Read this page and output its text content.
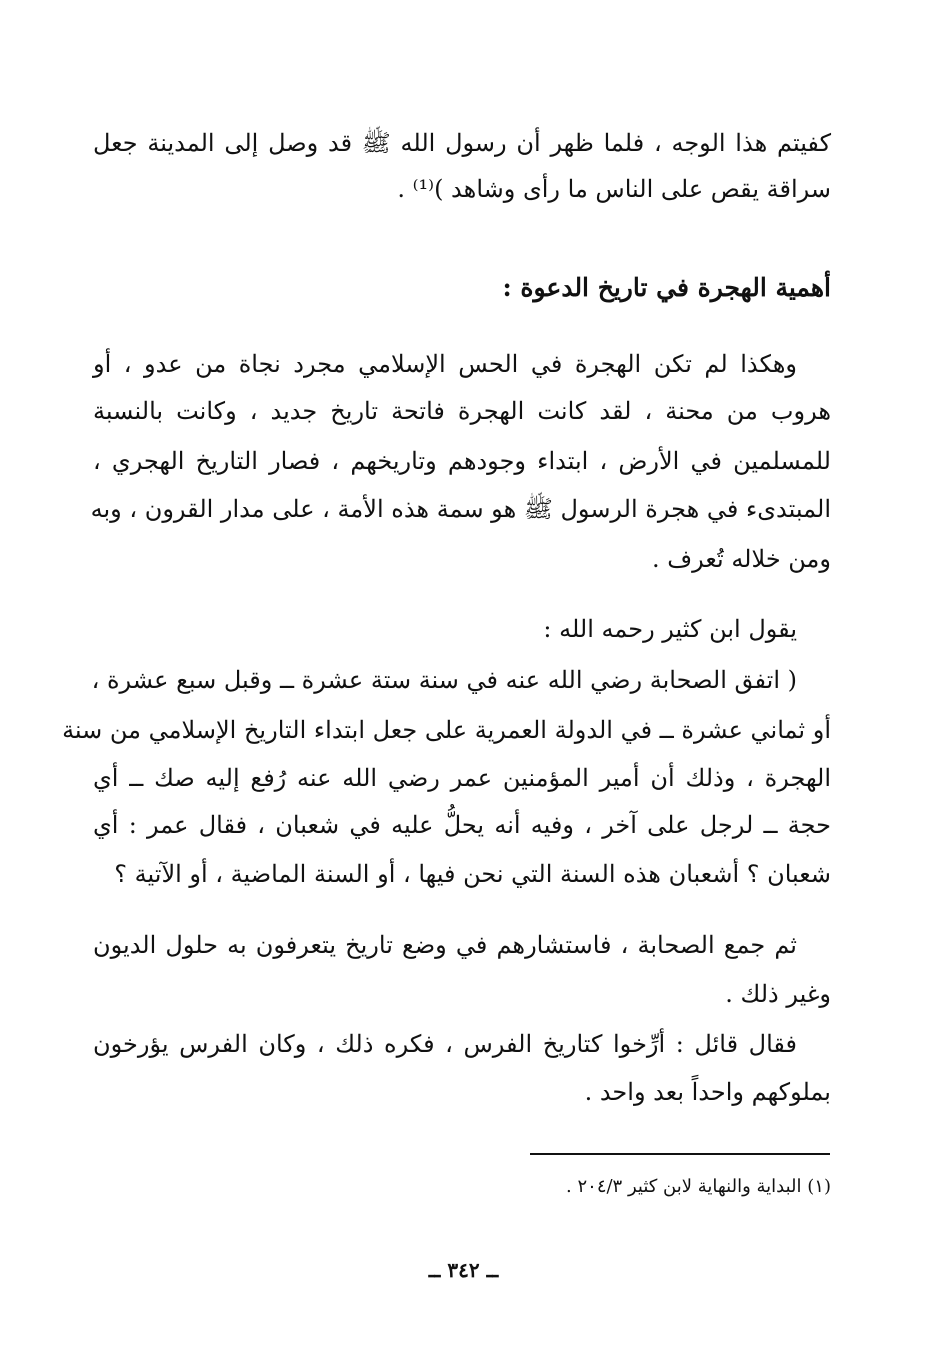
كفيتم هذا الوجه ، فلما ظهر أن رسول الله ﷺ قد وصل إلى المدينة جعل
سراقة يقص على الناس ما رأى وشاهد )⁽¹⁾ .
أهمية الهجرة في تاريخ الدعوة :
وهكذا لم تكن الهجرة في الحس الإسلامي مجرد نجاة من عدو ، أو
هروب من محنة ، لقد كانت الهجرة فاتحة تاريخ جديد ، وكانت بالنسبة
للمسلمين في الأرض ، ابتداء وجودهم وتاريخهم ، فصار التاريخ الهجري ،
المبتدىء في هجرة الرسول ﷺ هو سمة هذه الأمة ، على مدار القرون ، وبه
ومن خلاله تُعرف .
يقول ابن كثير رحمه الله :
( اتفق الصحابة رضي الله عنه في سنة ستة عشرة ــ وقبل سبع عشرة ،
أو ثماني عشرة ــ في الدولة العمرية على جعل ابتداء التاريخ الإسلامي من سنة
الهجرة ، وذلك أن أمير المؤمنين عمر رضي الله عنه رُفع إليه صك ــ أي
حجة ــ لرجل على آخر ، وفيه أنه يحلُّ عليه في شعبان ، فقال عمر : أي
شعبان ؟ أشعبان هذه السنة التي نحن فيها ، أو السنة الماضية ، أو الآتية ؟
ثم جمع الصحابة ، فاستشارهم في وضع تاريخ يتعرفون به حلول الديون
وغير ذلك .
فقال قائل : أرِّخوا كتاريخ الفرس ، فكره ذلك ، وكان الفرس يؤرخون
بملوكهم واحداً بعد واحد .
(١) البداية والنهاية لابن كثير ٢٠٤/٣ .
ــ ٣٤٢ ــ
